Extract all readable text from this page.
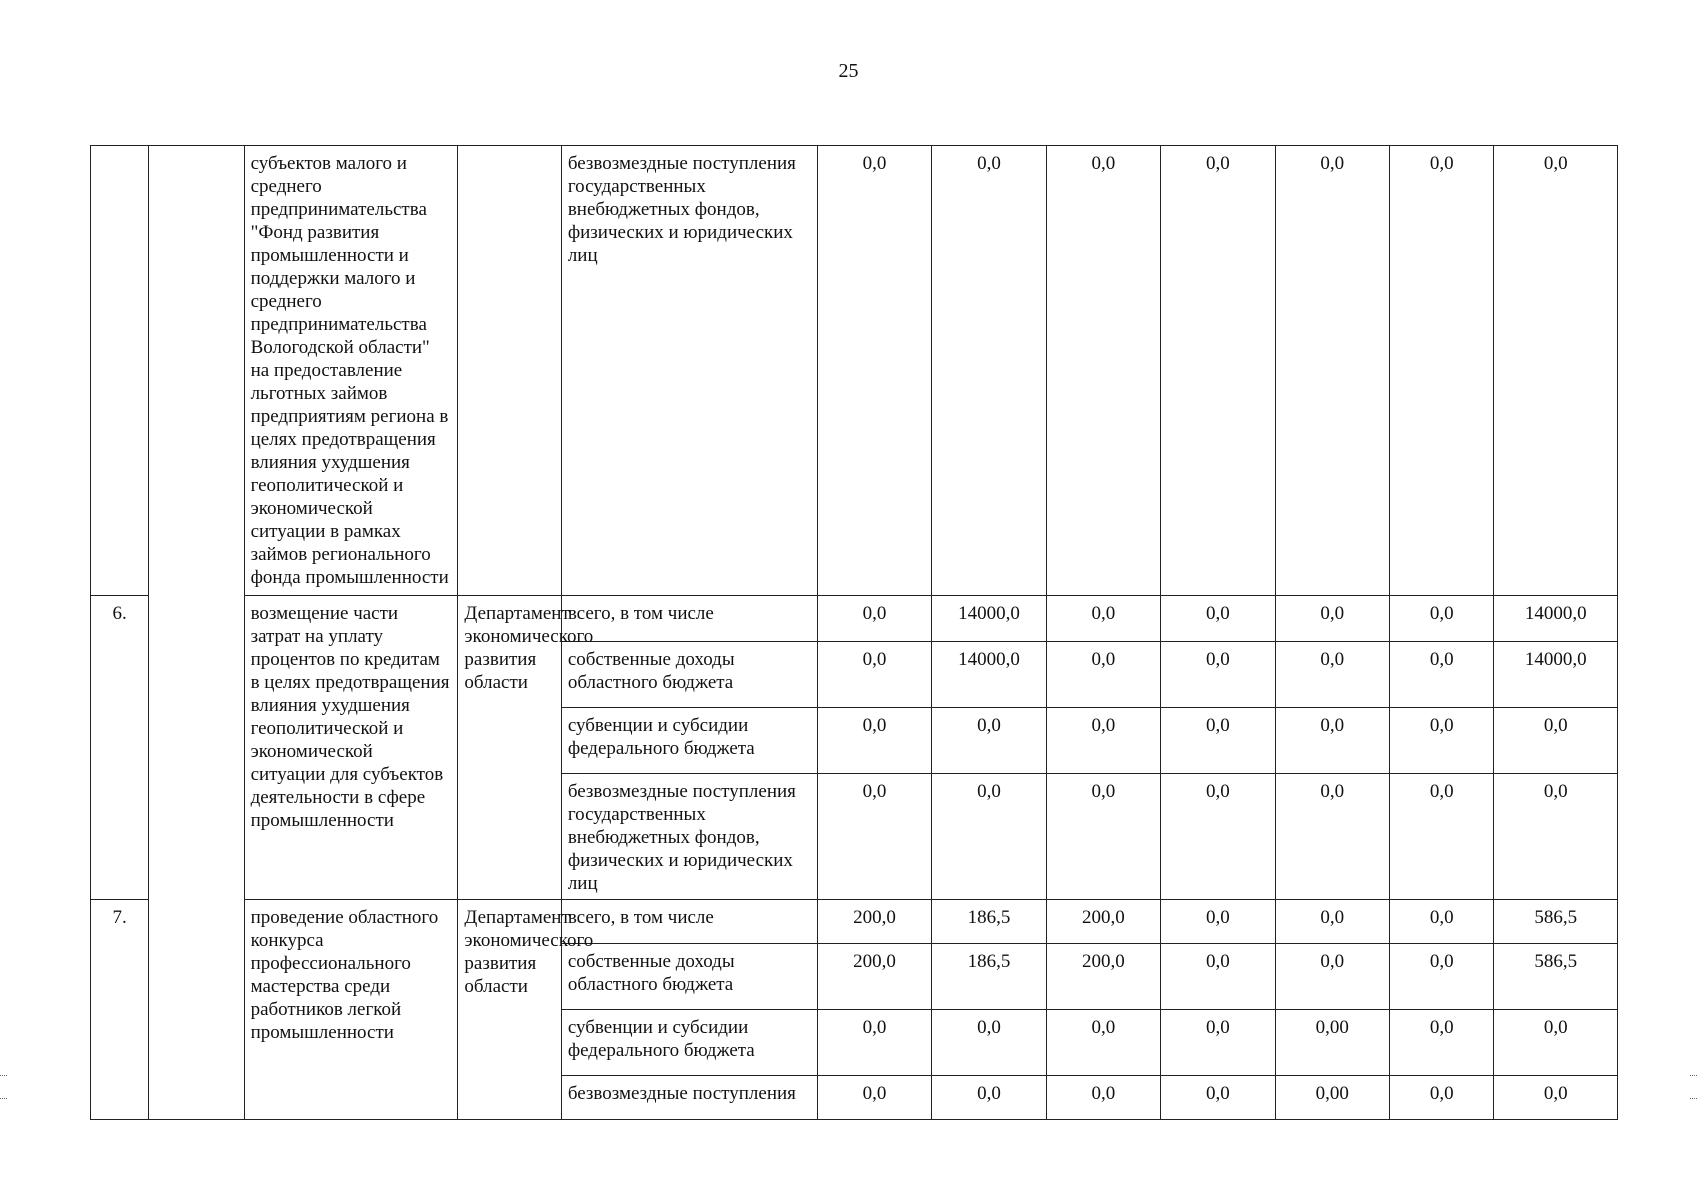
25
		субъектов малого и среднего предпринимательства "Фонд развития промышленности и поддержки малого и среднего предпринимательства Вологодской области" на предоставление льготных займов предприятиям региона в целях предотвращения влияния ухудшения геополитической и экономической ситуации в рамках займов регионального фонда промышленности		безвозмездные поступления государственных внебюджетных фондов, физических и юридических лиц	0,0	0,0	0,0	0,0	0,0	0,0	0,0
6.		возмещение части затрат на уплату процентов по кредитам в целях предотвращения влияния ухудшения геополитической и экономической ситуации для субъектов деятельности в сфере промышленности	Департамент экономического развития области	всего, в том числе	0,0	14000,0	0,0	0,0	0,0	0,0	14000,0
				собственные доходы областного бюджета	0,0	14000,0	0,0	0,0	0,0	0,0	14000,0
				субвенции и субсидии федерального бюджета	0,0	0,0	0,0	0,0	0,0	0,0	0,0
				безвозмездные поступления государственных внебюджетных фондов, физических и юридических лиц	0,0	0,0	0,0	0,0	0,0	0,0	0,0
7.		проведение областного конкурса профессионального мастерства среди работников легкой промышленности	Департамент экономического развития области	всего, в том числе	200,0	186,5	200,0	0,0	0,0	0,0	586,5
				собственные доходы областного бюджета	200,0	186,5	200,0	0,0	0,0	0,0	586,5
				субвенции и субсидии федерального бюджета	0,0	0,0	0,0	0,0	0,00	0,0	0,0
				безвозмездные поступления	0,0	0,0	0,0	0,0	0,00	0,0	0,0
